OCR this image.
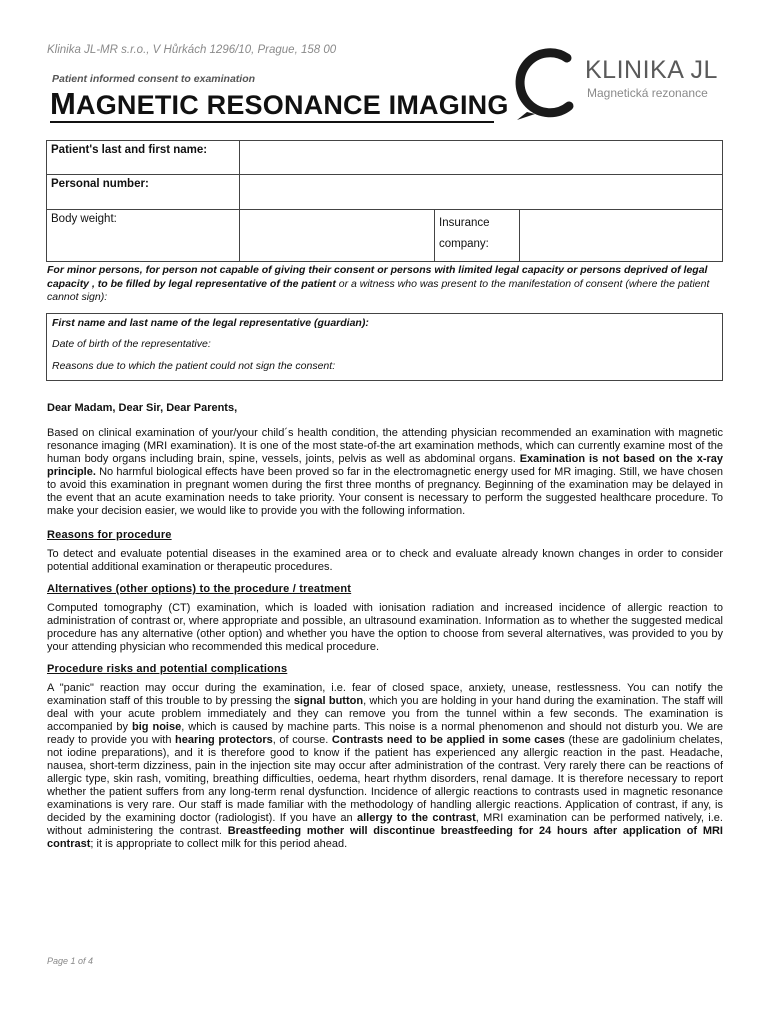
Klinika JL-MR s.r.o., V Hůrkách 1296/10, Prague, 158 00
Patient informed consent to examination
MAGNETIC RESONANCE IMAGING
KLINIKA JL
Magnetická rezonance
Patient's last and first name:			
Personal number:			
Body weight:		Insurance
company:	
For minor persons, for person not capable of giving their consent or persons with limited legal capacity or persons deprived of legal capacity , to be filled by legal representative of the patient or a witness who was present to the manifestation of consent (where the patient cannot sign):
First name and last name of the legal representative (guardian):
Date of birth of the representative:
Reasons due to which the patient could not sign the consent:

Dear Madam, Dear Sir, Dear Parents,

Based on clinical examination of your/your child´s health condition, the attending physician recommended an examination with magnetic resonance imaging (MRI examination). It is one of the most state-of-the art examination methods, which can currently examine most of the human body organs including brain, spine, vessels, joints, pelvis as well as abdominal organs. Examination is not based on the x-ray principle. No harmful biological effects have been proved so far in the electromagnetic energy used for MR imaging. Still, we have chosen to avoid this examination in pregnant women during the first three months of pregnancy. Beginning of the examination may be delayed in the event that an acute examination needs to take priority. Your consent is necessary to perform the suggested healthcare procedure. To make your decision easier, we would like to provide you with the following information.

Reasons for procedure

To detect and evaluate potential diseases in the examined area or to check and evaluate already known changes in order to consider potential additional examination or therapeutic procedures.

Alternatives (other options) to the procedure / treatment

Computed tomography (CT) examination, which is loaded with ionisation radiation and increased incidence of allergic reaction to administration of contrast or, where appropriate and possible, an ultrasound examination. Information as to whether the suggested medical procedure has any alternative (other option) and whether you have the option to choose from several alternatives, was provided to you by your attending physician who recommended this medical procedure.

Procedure risks and potential complications

A "panic" reaction may occur during the examination, i.e. fear of closed space, anxiety, unease, restlessness. You can notify the examination staff of this trouble to by pressing the signal button, which you are holding in your hand during the examination. The staff will deal with your acute problem immediately and they can remove you from the tunnel within a few seconds. The examination is accompanied by big noise, which is caused by machine parts. This noise is a normal phenomenon and should not disturb you. We are ready to provide you with hearing protectors, of course. Contrasts need to be applied in some cases (these are gadolinium chelates, not iodine preparations), and it is therefore good to know if the patient has experienced any allergic reaction in the past. Headache, nausea, short-term dizziness, pain in the injection site may occur after administration of the contrast. Very rarely there can be reactions of allergic type, skin rash, vomiting, breathing difficulties, oedema, heart rhythm disorders, renal damage. It is therefore necessary to report whether the patient suffers from any long-term renal dysfunction. Incidence of allergic reactions to contrasts used in magnetic resonance examinations is very rare. Our staff is made familiar with the methodology of handling allergic reactions. Application of contrast, if any, is decided by the examining doctor (radiologist). If you have an allergy to the contrast, MRI examination can be performed natively, i.e. without administering the contrast. Breastfeeding mother will discontinue breastfeeding for 24 hours after application of MRI contrast; it is appropriate to collect milk for this period ahead.

Page 1 of 4
